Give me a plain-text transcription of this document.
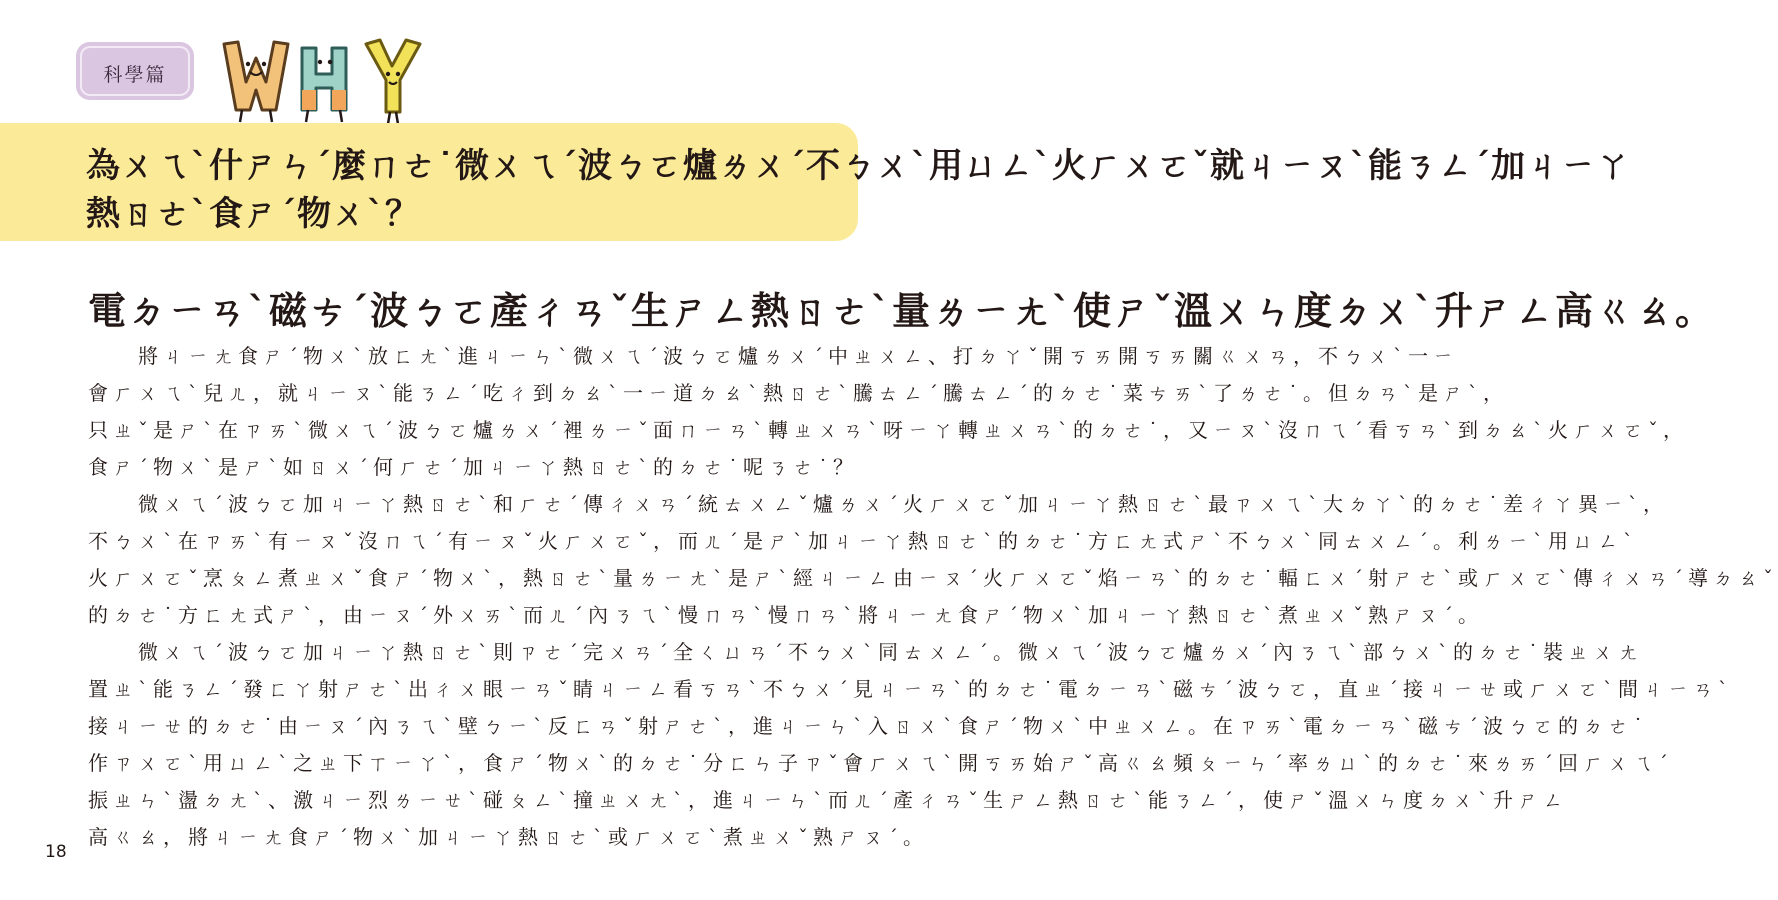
科學篇
為ㄨㄟˋ什ㄕㄣˊ麼ㄇㄜ˙微ㄨㄟˊ波ㄅㄛ爐ㄌㄨˊ不ㄅㄨˋ用ㄩㄥˋ火ㄏㄨㄛˇ就ㄐㄧㄡˋ能ㄋㄥˊ加ㄐㄧㄚ
熱ㄖㄜˋ食ㄕˊ物ㄨˋ？
電ㄉㄧㄢˋ磁ㄘˊ波ㄅㄛ產ㄔㄢˇ生ㄕㄥ熱ㄖㄜˋ量ㄌㄧㄤˋ使ㄕˇ溫ㄨㄣ度ㄉㄨˋ升ㄕㄥ高ㄍㄠ。
　　將ㄐㄧㄤ食ㄕˊ物ㄨˋ放ㄈㄤˋ進ㄐㄧㄣˋ微ㄨㄟˊ波ㄅㄛ爐ㄌㄨˊ中ㄓㄨㄥ、打ㄉㄚˇ開ㄎㄞ開ㄎㄞ關ㄍㄨㄢ，不ㄅㄨˋ一ㄧ
會ㄏㄨㄟˋ兒ㄦ，就ㄐㄧㄡˋ能ㄋㄥˊ吃ㄔ到ㄉㄠˋ一ㄧ道ㄉㄠˋ熱ㄖㄜˋ騰ㄊㄥˊ騰ㄊㄥˊ的ㄉㄜ˙菜ㄘㄞˋ了ㄌㄜ˙。但ㄉㄢˋ是ㄕˋ，
只ㄓˇ是ㄕˋ在ㄗㄞˋ微ㄨㄟˊ波ㄅㄛ爐ㄌㄨˊ裡ㄌㄧˇ面ㄇㄧㄢˋ轉ㄓㄨㄢˋ呀ㄧㄚ轉ㄓㄨㄢˋ的ㄉㄜ˙，又ㄧㄡˋ沒ㄇㄟˊ看ㄎㄢˋ到ㄉㄠˋ火ㄏㄨㄛˇ，
食ㄕˊ物ㄨˋ是ㄕˋ如ㄖㄨˊ何ㄏㄜˊ加ㄐㄧㄚ熱ㄖㄜˋ的ㄉㄜ˙呢ㄋㄜ˙？
　　微ㄨㄟˊ波ㄅㄛ加ㄐㄧㄚ熱ㄖㄜˋ和ㄏㄜˊ傳ㄔㄨㄢˊ統ㄊㄨㄥˇ爐ㄌㄨˊ火ㄏㄨㄛˇ加ㄐㄧㄚ熱ㄖㄜˋ最ㄗㄨㄟˋ大ㄉㄚˋ的ㄉㄜ˙差ㄔㄚ異ㄧˋ，
不ㄅㄨˋ在ㄗㄞˋ有ㄧㄡˇ沒ㄇㄟˊ有ㄧㄡˇ火ㄏㄨㄛˇ，而ㄦˊ是ㄕˋ加ㄐㄧㄚ熱ㄖㄜˋ的ㄉㄜ˙方ㄈㄤ式ㄕˋ不ㄅㄨˋ同ㄊㄨㄥˊ。利ㄌㄧˋ用ㄩㄥˋ
火ㄏㄨㄛˇ烹ㄆㄥ煮ㄓㄨˇ食ㄕˊ物ㄨˋ，熱ㄖㄜˋ量ㄌㄧㄤˋ是ㄕˋ經ㄐㄧㄥ由ㄧㄡˊ火ㄏㄨㄛˇ焰ㄧㄢˋ的ㄉㄜ˙輻ㄈㄨˊ射ㄕㄜˋ或ㄏㄨㄛˋ傳ㄔㄨㄢˊ導ㄉㄠˇ
的ㄉㄜ˙方ㄈㄤ式ㄕˋ，由ㄧㄡˊ外ㄨㄞˋ而ㄦˊ內ㄋㄟˋ慢ㄇㄢˋ慢ㄇㄢˋ將ㄐㄧㄤ食ㄕˊ物ㄨˋ加ㄐㄧㄚ熱ㄖㄜˋ煮ㄓㄨˇ熟ㄕㄡˊ。
　　微ㄨㄟˊ波ㄅㄛ加ㄐㄧㄚ熱ㄖㄜˋ則ㄗㄜˊ完ㄨㄢˊ全ㄑㄩㄢˊ不ㄅㄨˋ同ㄊㄨㄥˊ。微ㄨㄟˊ波ㄅㄛ爐ㄌㄨˊ內ㄋㄟˋ部ㄅㄨˋ的ㄉㄜ˙裝ㄓㄨㄤ
置ㄓˋ能ㄋㄥˊ發ㄈㄚ射ㄕㄜˋ出ㄔㄨ眼ㄧㄢˇ睛ㄐㄧㄥ看ㄎㄢˋ不ㄅㄨˊ見ㄐㄧㄢˋ的ㄉㄜ˙電ㄉㄧㄢˋ磁ㄘˊ波ㄅㄛ，直ㄓˊ接ㄐㄧㄝ或ㄏㄨㄛˋ間ㄐㄧㄢˋ
接ㄐㄧㄝ的ㄉㄜ˙由ㄧㄡˊ內ㄋㄟˋ壁ㄅㄧˋ反ㄈㄢˇ射ㄕㄜˋ，進ㄐㄧㄣˋ入ㄖㄨˋ食ㄕˊ物ㄨˋ中ㄓㄨㄥ。在ㄗㄞˋ電ㄉㄧㄢˋ磁ㄘˊ波ㄅㄛ的ㄉㄜ˙
作ㄗㄨㄛˋ用ㄩㄥˋ之ㄓ下ㄒㄧㄚˋ，食ㄕˊ物ㄨˋ的ㄉㄜ˙分ㄈㄣ子ㄗˇ會ㄏㄨㄟˋ開ㄎㄞ始ㄕˇ高ㄍㄠ頻ㄆㄧㄣˊ率ㄌㄩˋ的ㄉㄜ˙來ㄌㄞˊ回ㄏㄨㄟˊ
振ㄓㄣˋ盪ㄉㄤˋ、激ㄐㄧ烈ㄌㄧㄝˋ碰ㄆㄥˋ撞ㄓㄨㄤˋ，進ㄐㄧㄣˋ而ㄦˊ產ㄔㄢˇ生ㄕㄥ熱ㄖㄜˋ能ㄋㄥˊ，使ㄕˇ溫ㄨㄣ度ㄉㄨˋ升ㄕㄥ
高ㄍㄠ，將ㄐㄧㄤ食ㄕˊ物ㄨˋ加ㄐㄧㄚ熱ㄖㄜˋ或ㄏㄨㄛˋ煮ㄓㄨˇ熟ㄕㄡˊ。
18
